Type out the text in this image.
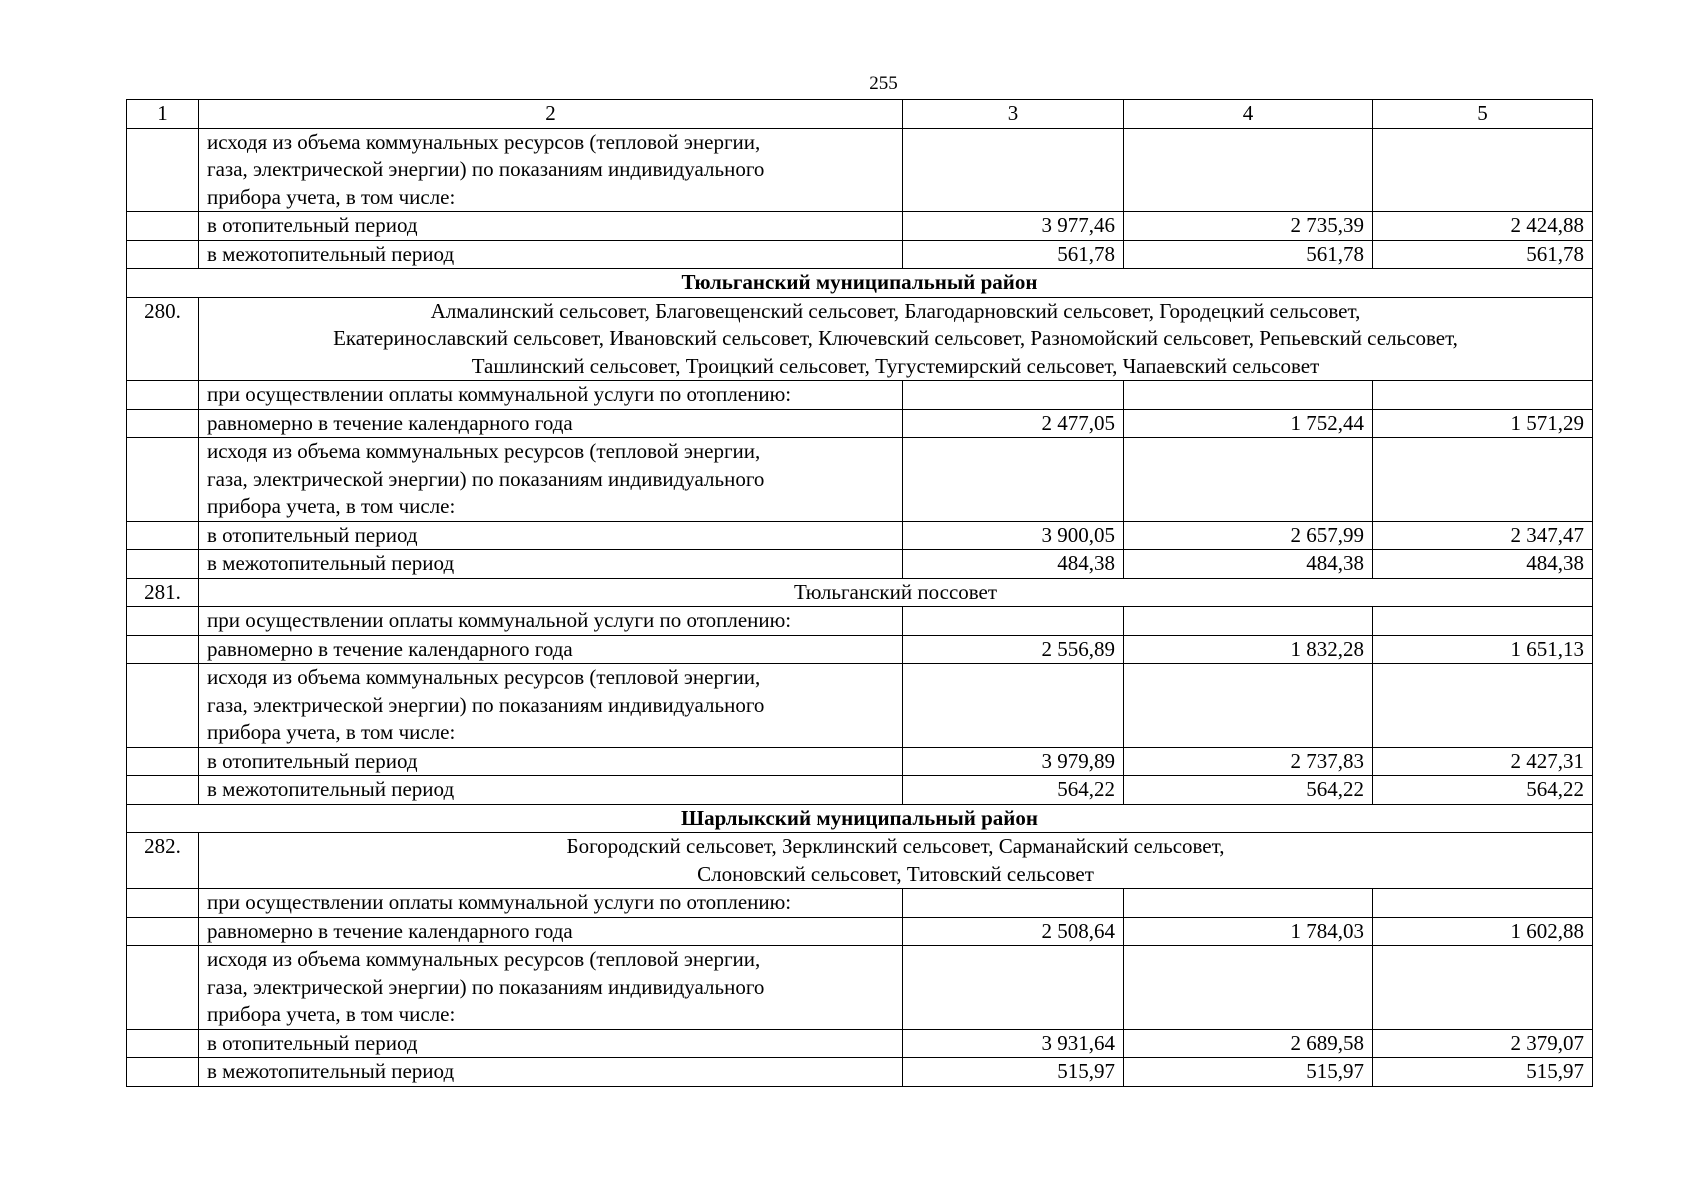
255
1	2	3	4	5
	исходя из объема коммунальных ресурсов (тепловой энергии,
газа, электрической энергии) по показаниям индивидуального
прибора учета, в том числе:			
	в отопительный период	3 977,46	2 735,39	2 424,88
	в межотопительный период	561,78	561,78	561,78
Тюльганский муниципальный район				
280.	Алмалинский сельсовет, Благовещенский сельсовет, Благодарновский сельсовет, Городецкий сельсовет,
Екатеринославский сельсовет, Ивановский сельсовет, Ключевский сельсовет, Разномойский сельсовет, Репьевский сельсовет,
Ташлинский сельсовет, Троицкий сельсовет, Тугустемирский сельсовет, Чапаевский сельсовет			
	при осуществлении оплаты коммунальной услуги по отоплению:			
	равномерно в течение календарного года	2 477,05	1 752,44	1 571,29
	исходя из объема коммунальных ресурсов (тепловой энергии,
газа, электрической энергии) по показаниям индивидуального
прибора учета, в том числе:			
	в отопительный период	3 900,05	2 657,99	2 347,47
	в межотопительный период	484,38	484,38	484,38
281.	Тюльганский поссовет			
	при осуществлении оплаты коммунальной услуги по отоплению:			
	равномерно в течение календарного года	2 556,89	1 832,28	1 651,13
	исходя из объема коммунальных ресурсов (тепловой энергии,
газа, электрической энергии) по показаниям индивидуального
прибора учета, в том числе:			
	в отопительный период	3 979,89	2 737,83	2 427,31
	в межотопительный период	564,22	564,22	564,22
Шарлыкский муниципальный район				
282.	Богородский сельсовет, Зерклинский сельсовет, Сарманайский сельсовет,
Слоновский сельсовет, Титовский сельсовет			
	при осуществлении оплаты коммунальной услуги по отоплению:			
	равномерно в течение календарного года	2 508,64	1 784,03	1 602,88
	исходя из объема коммунальных ресурсов (тепловой энергии,
газа, электрической энергии) по показаниям индивидуального
прибора учета, в том числе:			
	в отопительный период	3 931,64	2 689,58	2 379,07
	в межотопительный период	515,97	515,97	515,97
